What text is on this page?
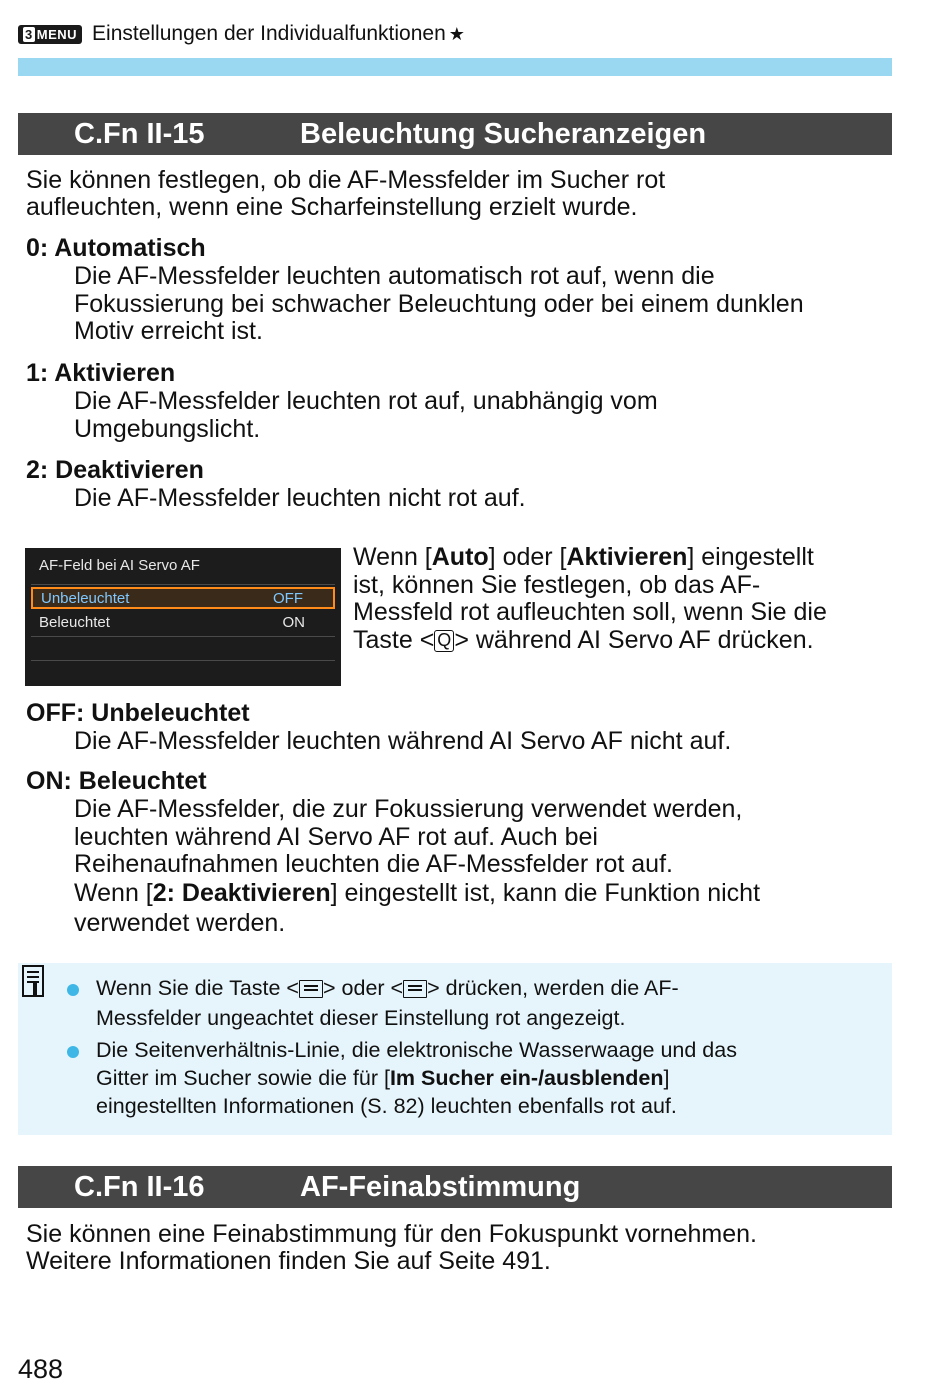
3 MENU Einstellungen der Individualfunktionen ★
C.Fn II-15	Beleuchtung Sucheranzeigen
Sie können festlegen, ob die AF-Messfelder im Sucher rot
aufleuchten, wenn eine Scharfeinstellung erzielt wurde.
0: Automatisch
Die AF-Messfelder leuchten automatisch rot auf, wenn die
Fokussierung bei schwacher Beleuchtung oder bei einem dunklen
Motiv erreicht ist.
1: Aktivieren
Die AF-Messfelder leuchten rot auf, unabhängig vom
Umgebungslicht.
2: Deaktivieren
Die AF-Messfelder leuchten nicht rot auf.
AF-Feld bei AI Servo AF
Unbeleuchtet	OFF
Beleuchtet	ON
Wenn [Auto] oder [Aktivieren] eingestellt
ist, können Sie festlegen, ob das AF-
Messfeld rot aufleuchten soll, wenn Sie die
Taste < Q > während AI Servo AF drücken.
OFF: Unbeleuchtet
Die AF-Messfelder leuchten während AI Servo AF nicht auf.
ON: Beleuchtet
Die AF-Messfelder, die zur Fokussierung verwendet werden,
leuchten während AI Servo AF rot auf. Auch bei
Reihenaufnahmen leuchten die AF-Messfelder rot auf.
Wenn [2: Deaktivieren] eingestellt ist, kann die Funktion nicht
verwendet werden.
Wenn Sie die Taste < > oder < > drücken, werden die AF-
Messfelder ungeachtet dieser Einstellung rot angezeigt.
Die Seitenverhältnis-Linie, die elektronische Wasserwaage und das
Gitter im Sucher sowie die für [Im Sucher ein-/ausblenden]
eingestellten Informationen (S. 82) leuchten ebenfalls rot auf.
C.Fn II-16	AF-Feinabstimmung
Sie können eine Feinabstimmung für den Fokuspunkt vornehmen.
Weitere Informationen finden Sie auf Seite 491.
488
